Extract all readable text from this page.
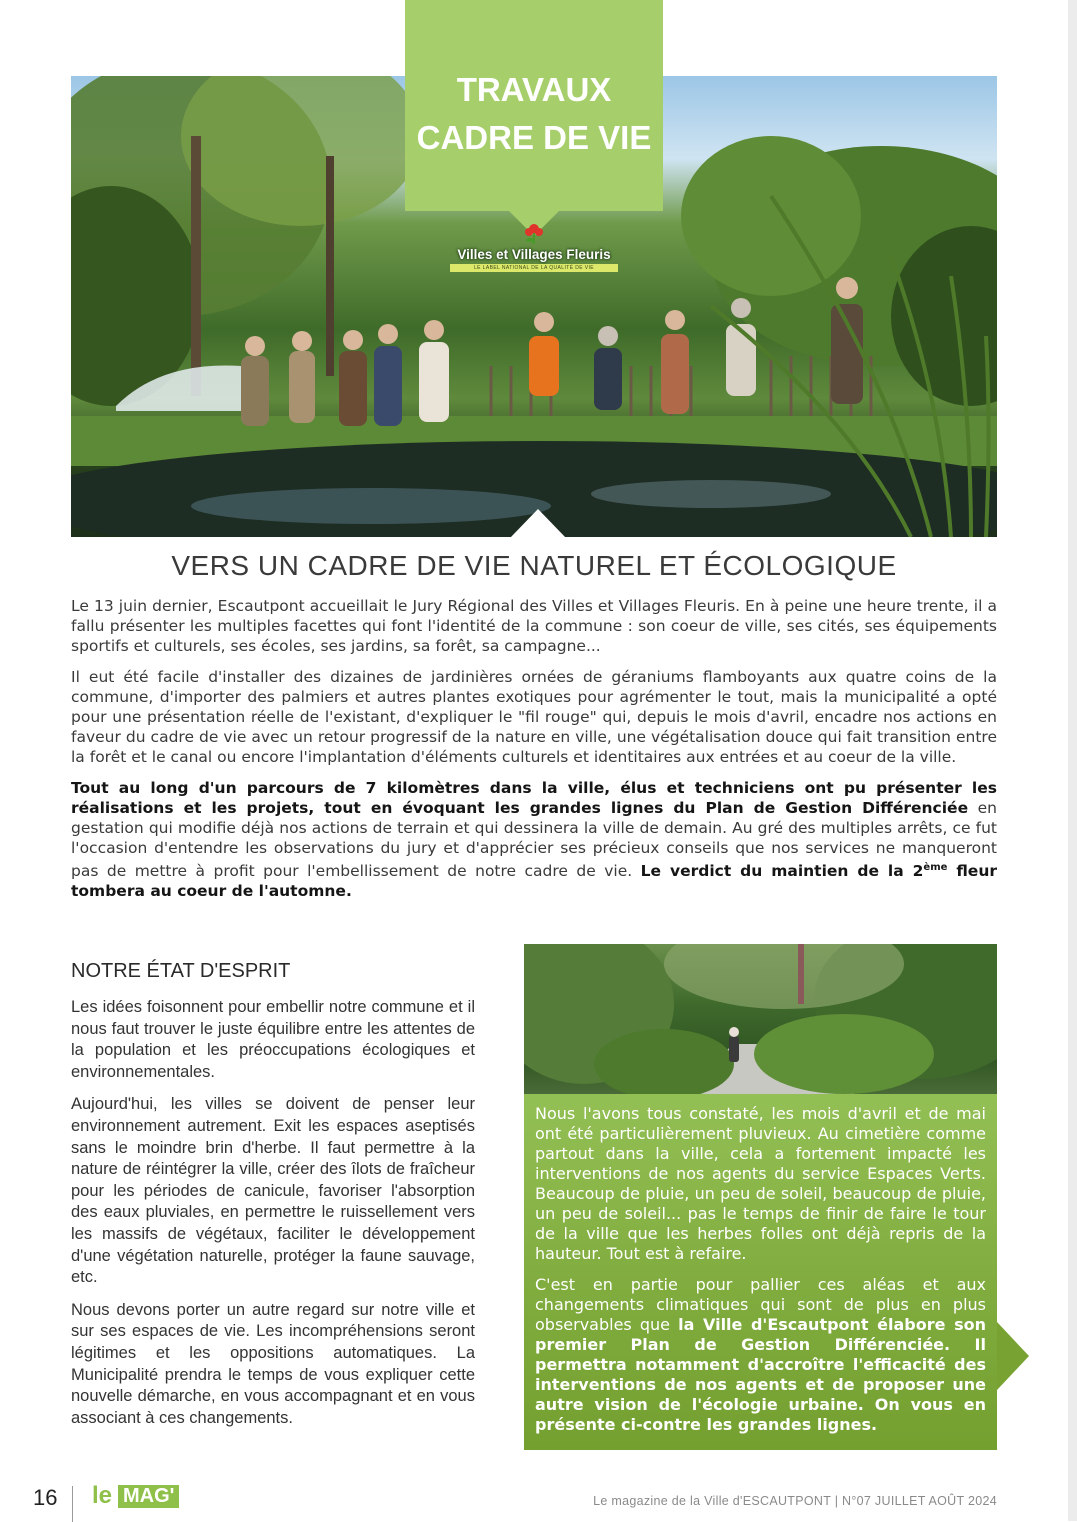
TRAVAUX
CADRE DE VIE
Villes et Villages Fleuris
LE LABEL NATIONAL DE LA QUALITÉ DE VIE
VERS UN CADRE DE VIE NATUREL ET ÉCOLOGIQUE

Le 13 juin dernier, Escautpont accueillait le Jury Régional des Villes et Villages Fleuris. En à peine une heure trente, il a fallu présenter les multiples facettes qui font l'identité de la commune : son coeur de ville, ses cités, ses équipements sportifs et culturels, ses écoles, ses jardins, sa forêt, sa campagne...

Il eut été facile d'installer des dizaines de jardinières ornées de géraniums flamboyants aux quatre coins de la commune, d'importer des palmiers et autres plantes exotiques pour agrémenter le tout, mais la municipalité a opté pour une présentation réelle de l'existant, d'expliquer le "fil rouge" qui, depuis le mois d'avril, encadre nos actions en faveur du cadre de vie avec un retour progressif de la nature en ville, une végétalisation douce qui fait transition entre la forêt et le canal ou encore l'implantation d'éléments culturels et identitaires aux entrées et au coeur de la ville.

Tout au long d'un parcours de 7 kilomètres dans la ville, élus et techniciens ont pu présenter les réalisations et les projets, tout en évoquant les grandes lignes du Plan de Gestion Différenciée en gestation qui modifie déjà nos actions de terrain et qui dessinera la ville de demain. Au gré des multiples arrêts, ce fut l'occasion d'entendre les observations du jury et d'apprécier ses précieux conseils que nos services ne manqueront pas de mettre à profit pour l'embellissement de notre cadre de vie. Le verdict du maintien de la 2ème fleur tombera au coeur de l'automne.

NOTRE ÉTAT D'ESPRIT

Les idées foisonnent pour embellir notre commune et il nous faut trouver le juste équilibre entre les attentes de la population et les préoccupations écologiques et environnementales.

Aujourd'hui, les villes se doivent de penser leur environnement autrement. Exit les espaces aseptisés sans le moindre brin d'herbe. Il faut permettre à la nature de réintégrer la ville, créer des îlots de fraîcheur pour les périodes de canicule, favoriser l'absorption des eaux pluviales, en permettre le ruissellement vers les massifs de végétaux, faciliter le développement d'une végétation naturelle, protéger la faune sauvage, etc.

Nous devons porter un autre regard sur notre ville et sur ses espaces de vie. Les incompréhensions seront légitimes et les oppositions automatiques. La Municipalité prendra le temps de vous expliquer cette nouvelle démarche, en vous accompagnant et en vous associant à ces changements.

Nous l'avons tous constaté, les mois d'avril et de mai ont été particulièrement pluvieux. Au cimetière comme partout dans la ville, cela a fortement impacté les interventions de nos agents du service Espaces Verts. Beaucoup de pluie, un peu de soleil, beaucoup de pluie, un peu de soleil... pas le temps de finir de faire le tour de la ville que les herbes folles ont déjà repris de la hauteur. Tout est à refaire.

C'est en partie pour pallier ces aléas et aux changements climatiques qui sont de plus en plus observables que la Ville d'Escautpont élabore son premier Plan de Gestion Différenciée. Il permettra notamment d'accroître l'efficacité des interventions de nos agents et de proposer une autre vision de l'écologie urbaine. On vous en présente ci-contre les grandes lignes.

16 le MAG'	Le magazine de la Ville d'ESCAUTPONT | N°07 JUILLET AOÛT 2024
